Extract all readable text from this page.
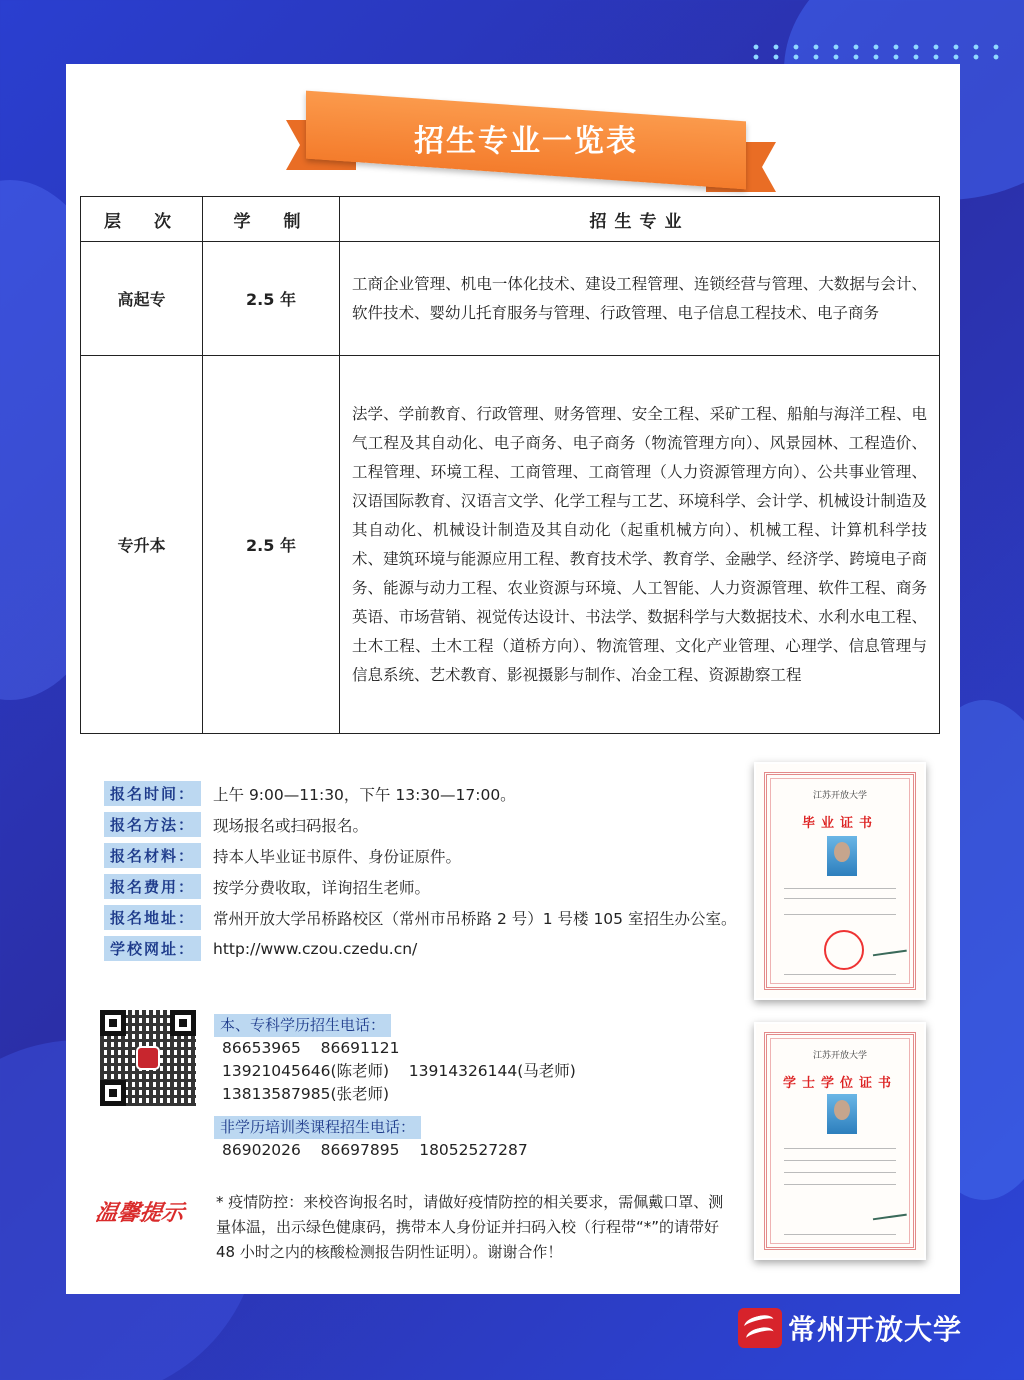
招生专业一览表
层　次	学　制	招生专业
高起专	2.5 年	工商企业管理、机电一体化技术、建设工程管理、连锁经营与管理、大数据与会计、软件技术、婴幼儿托育服务与管理、行政管理、电子信息工程技术、电子商务
专升本	2.5 年	法学、学前教育、行政管理、财务管理、安全工程、采矿工程、船舶与海洋工程、电气工程及其自动化、电子商务、电子商务（物流管理方向）、风景园林、工程造价、工程管理、环境工程、工商管理、工商管理（人力资源管理方向）、公共事业管理、汉语国际教育、汉语言文学、化学工程与工艺、环境科学、会计学、机械设计制造及其自动化、机械设计制造及其自动化（起重机械方向）、机械工程、计算机科学技术、建筑环境与能源应用工程、教育技术学、教育学、金融学、经济学、跨境电子商务、能源与动力工程、农业资源与环境、人工智能、人力资源管理、软件工程、商务英语、市场营销、视觉传达设计、书法学、数据科学与大数据技术、水利水电工程、土木工程、土木工程（道桥方向）、物流管理、文化产业管理、心理学、信息管理与信息系统、艺术教育、影视摄影与制作、冶金工程、资源勘察工程
报名时间：	上午 9:00—11:30，下午 13:30—17:00。
报名方法：	现场报名或扫码报名。
报名材料：	持本人毕业证书原件、身份证原件。
报名费用：	按学分费收取，详询招生老师。
报名地址：	常州开放大学吊桥路校区（常州市吊桥路 2 号）1 号楼 105 室招生办公室。
学校网址：	http://www.czou.czedu.cn/
本、专科学历招生电话：
86653965    86691121
13921045646(陈老师)    13914326144(马老师)
13813587985(张老师)
非学历培训类课程招生电话：
86902026    86697895    18052527287
温馨提示 * 疫情防控：来校咨询报名时，请做好疫情防控的相关要求，需佩戴口罩、测量体温，出示绿色健康码，携带本人身份证并扫码入校（行程带“*”的请带好 48 小时之内的核酸检测报告阴性证明）。谢谢合作！
江苏开放大学
毕业证书
江苏开放大学
学士学位证书
常州开放大学
